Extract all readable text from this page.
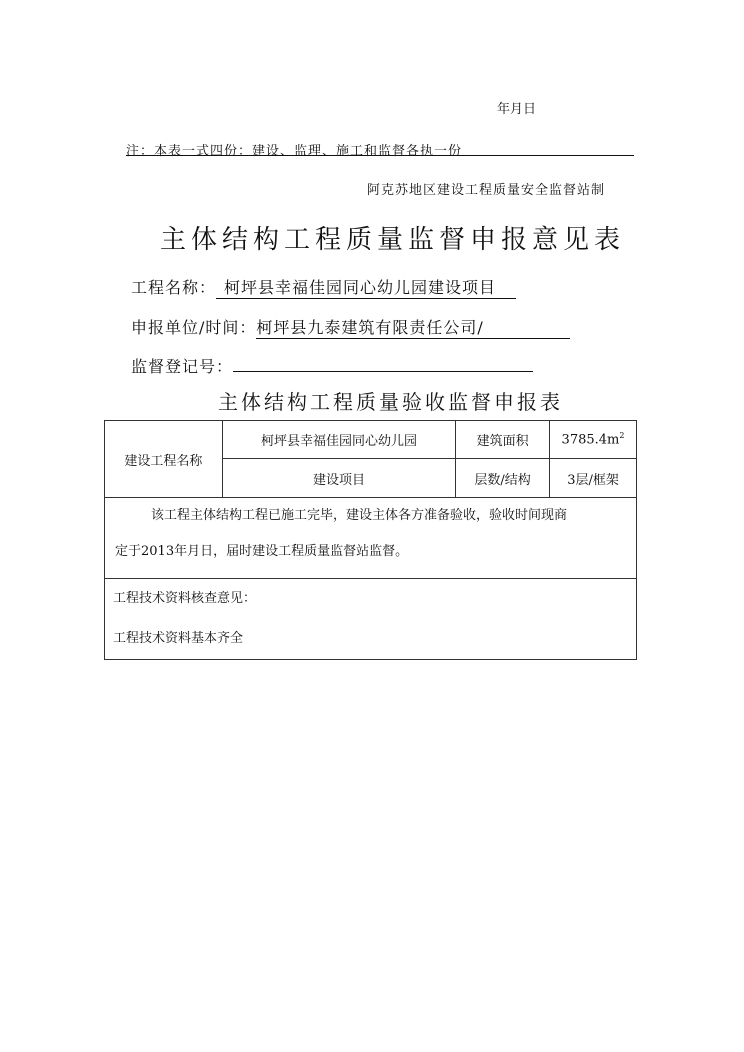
年月日
注：本表一式四份：建设、监理、施工和监督各执一份
阿克苏地区建设工程质量安全监督站制
主体结构工程质量监督申报意见表
工程名称： 柯坪县幸福佳园同心幼儿园建设项目
申报单位/时间：柯坪县九泰建筑有限责任公司/
监督登记号：
主体结构工程质量验收监督申报表
建设工程名称	柯坪县幸福佳园同心幼儿园	建筑面积	$3785.4m^2$
	建设项目	层数/结构	3层/框架

该工程主体结构工程已施工完毕，建设主体各方准备验收，验收时间现商
定于2013年月日，届时建设工程质量监督站监督。			

工程技术资料核查意见：
工程技术资料基本齐全			
